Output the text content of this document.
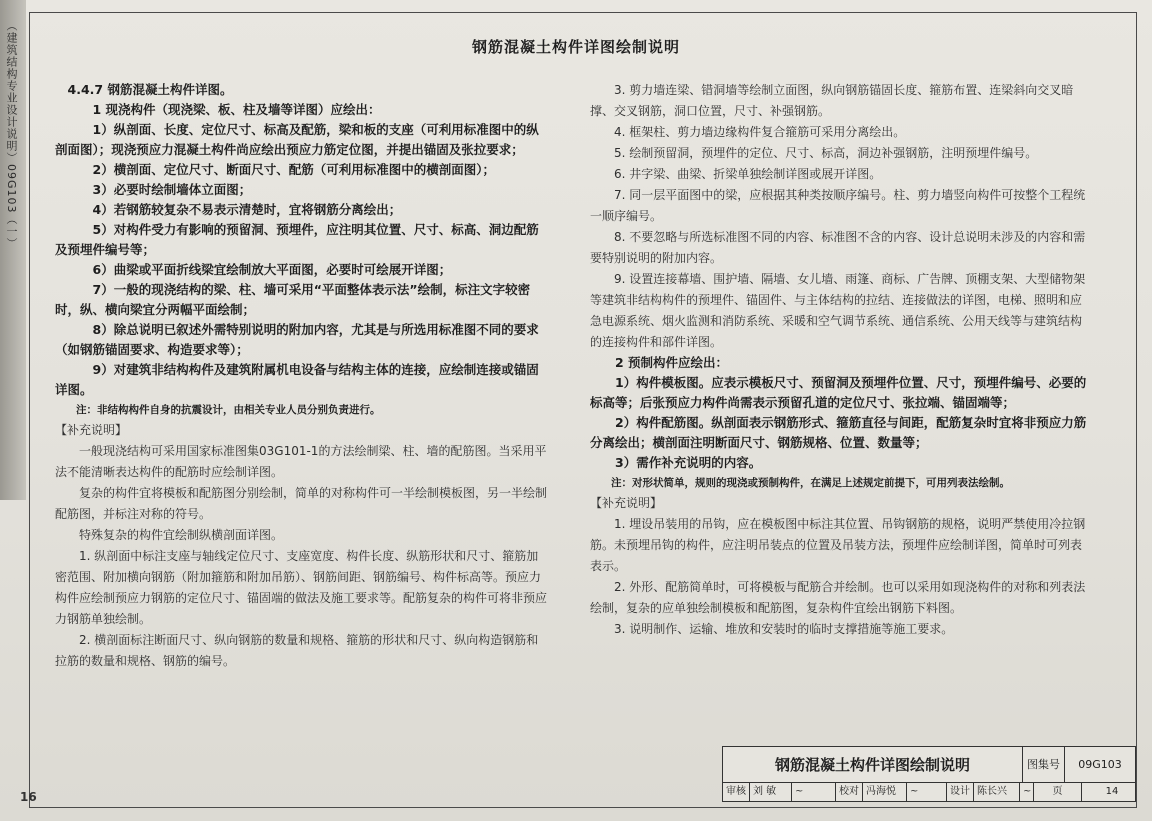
（建筑结构专业设计说明）09G103（一）	钢筋混凝土构件详图绘制说明

4.4.7 钢筋混凝土构件详图。

1 现浇构件（现浇梁、板、柱及墙等详图）应绘出：

1）纵剖面、长度、定位尺寸、标高及配筋，梁和板的支座（可利用标准图中的纵剖面图）；现浇预应力混凝土构件尚应绘出预应力筋定位图，并提出锚固及张拉要求；

2）横剖面、定位尺寸、断面尺寸、配筋（可利用标准图中的横剖面图）；

3）必要时绘制墙体立面图；

4）若钢筋较复杂不易表示清楚时，宜将钢筋分离绘出；

5）对构件受力有影响的预留洞、预埋件，应注明其位置、尺寸、标高、洞边配筋及预埋件编号等；

6）曲梁或平面折线梁宜绘制放大平面图，必要时可绘展开详图；

7）一般的现浇结构的梁、柱、墙可采用“平面整体表示法”绘制，标注文字较密时，纵、横向梁宜分两幅平面绘制；

8）除总说明已叙述外需特别说明的附加内容，尤其是与所选用标准图不同的要求（如钢筋锚固要求、构造要求等）；

9）对建筑非结构构件及建筑附属机电设备与结构主体的连接，应绘制连接或锚固详图。

注：非结构构件自身的抗震设计，由相关专业人员分别负责进行。

【补充说明】

一般现浇结构可采用国家标准图集03G101-1的方法绘制梁、柱、墙的配筋图。当采用平法不能清晰表达构件的配筋时应绘制详图。

复杂的构件宜将模板和配筋图分别绘制，简单的对称构件可一半绘制模板图，另一半绘制配筋图，并标注对称的符号。

特殊复杂的构件宜绘制纵横剖面详图。

1. 纵剖面中标注支座与轴线定位尺寸、支座宽度、构件长度、纵筋形状和尺寸、箍筋加密范围、附加横向钢筋（附加箍筋和附加吊筋）、钢筋间距、钢筋编号、构件标高等。预应力构件应绘制预应力钢筋的定位尺寸、锚固端的做法及施工要求等。配筋复杂的构件可将非预应力钢筋单独绘制。

2. 横剖面标注断面尺寸、纵向钢筋的数量和规格、箍筋的形状和尺寸、纵向构造钢筋和拉筋的数量和规格、钢筋的编号。

3. 剪力墙连梁、错洞墙等绘制立面图，纵向钢筋锚固长度、箍筋布置、连梁斜向交叉暗撑、交叉钢筋，洞口位置，尺寸、补强钢筋。

4. 框架柱、剪力墙边缘构件复合箍筋可采用分离绘出。

5. 绘制预留洞，预埋件的定位、尺寸、标高，洞边补强钢筋，注明预埋件编号。

6. 井字梁、曲梁、折梁单独绘制详图或展开详图。

7. 同一层平面图中的梁，应根据其种类按顺序编号。柱、剪力墙竖向构件可按整个工程统一顺序编号。

8. 不要忽略与所选标准图不同的内容、标准图不含的内容、设计总说明未涉及的内容和需要特别说明的附加内容。

9. 设置连接幕墙、围护墙、隔墙、女儿墙、雨篷、商标、广告牌、顶棚支架、大型储物架等建筑非结构构件的预埋件、锚固件、与主体结构的拉结、连接做法的详图，电梯、照明和应急电源系统、烟火监测和消防系统、采暖和空气调节系统、通信系统、公用天线等与建筑结构的连接构件和部件详图。

2 预制构件应绘出：

1）构件模板图。应表示模板尺寸、预留洞及预埋件位置、尺寸，预埋件编号、必要的标高等；后张预应力构件尚需表示预留孔道的定位尺寸、张拉端、锚固端等；

2）构件配筋图。纵剖面表示钢筋形式、箍筋直径与间距，配筋复杂时宜将非预应力筋分离绘出；横剖面注明断面尺寸、钢筋规格、位置、数量等；

3）需作补充说明的内容。

注：对形状简单，规则的现浇或预制构件，在满足上述规定前提下，可用列表法绘制。

【补充说明】

1. 埋设吊装用的吊钩，应在模板图中标注其位置、吊钩钢筋的规格，说明严禁使用冷拉钢筋。未预埋吊钩的构件，应注明吊装点的位置及吊装方法，预埋件应绘制详图，简单时可列表表示。

2. 外形、配筋简单时，可将模板与配筋合并绘制。也可以采用如现浇构件的对称和列表法绘制，复杂的应单独绘制模板和配筋图，复杂构件宜绘出钢筋下料图。

3. 说明制作、运输、堆放和安装时的临时支撑措施等施工要求。

钢筋混凝土构件详图绘制说明	图集号	09G103
审核 刘 敏 ~	校对 冯海悦 ~	设计 陈长兴 ~ 页	14
16
